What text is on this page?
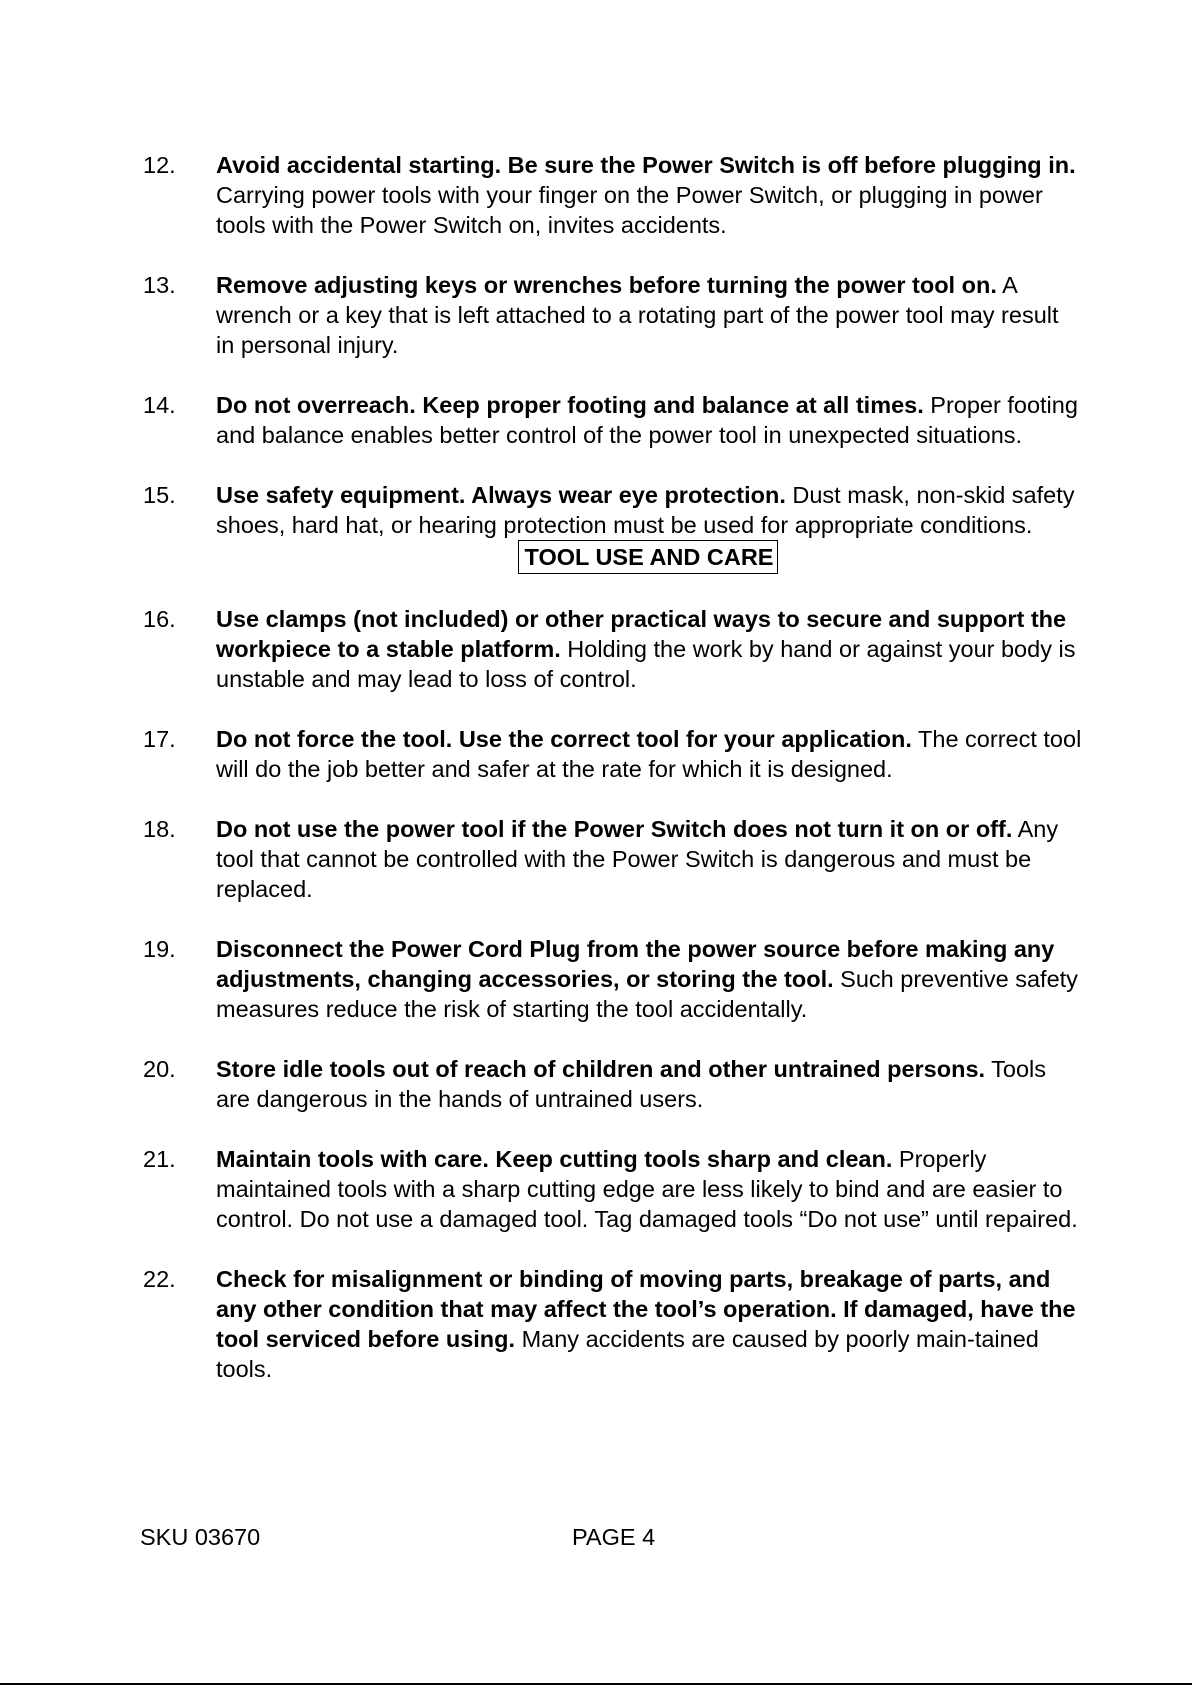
12.	Avoid accidental starting. Be sure the Power Switch is off before plugging in. Carrying power tools with your finger on the Power Switch, or plugging in power tools with the Power Switch on, invites accidents.
13.	Remove adjusting keys or wrenches before turning the power tool on. A wrench or a key that is left attached to a rotating part of the power tool may result in personal injury.
14.	Do not overreach. Keep proper footing and balance at all times. Proper footing and balance enables better control of the power tool in unexpected situations.
15.	Use safety equipment. Always wear eye protection. Dust mask, non-skid safety shoes, hard hat, or hearing protection must be used for appropriate conditions.
TOOL USE AND CARE
16.	Use clamps (not included) or other practical ways to secure and support the workpiece to a stable platform. Holding the work by hand or against your body is unstable and may lead to loss of control.
17.	Do not force the tool. Use the correct tool for your application. The correct tool will do the job better and safer at the rate for which it is designed.
18.	Do not use the power tool if the Power Switch does not turn it on or off. Any tool that cannot be controlled with the Power Switch is dangerous and must be replaced.
19.	Disconnect the Power Cord Plug from the power source before making any adjustments, changing accessories, or storing the tool. Such preventive safety measures reduce the risk of starting the tool accidentally.
20.	Store idle tools out of reach of children and other untrained persons. Tools are dangerous in the hands of untrained users.
21.	Maintain tools with care. Keep cutting tools sharp and clean. Properly maintained tools with a sharp cutting edge are less likely to bind and are easier to control. Do not use a damaged tool. Tag damaged tools “Do not use” until repaired.
22.	Check for misalignment or binding of moving parts, breakage of parts, and any other condition that may affect the tool’s operation. If damaged, have the tool serviced before using. Many accidents are caused by poorly main-tained tools.
SKU 03670	PAGE 4
